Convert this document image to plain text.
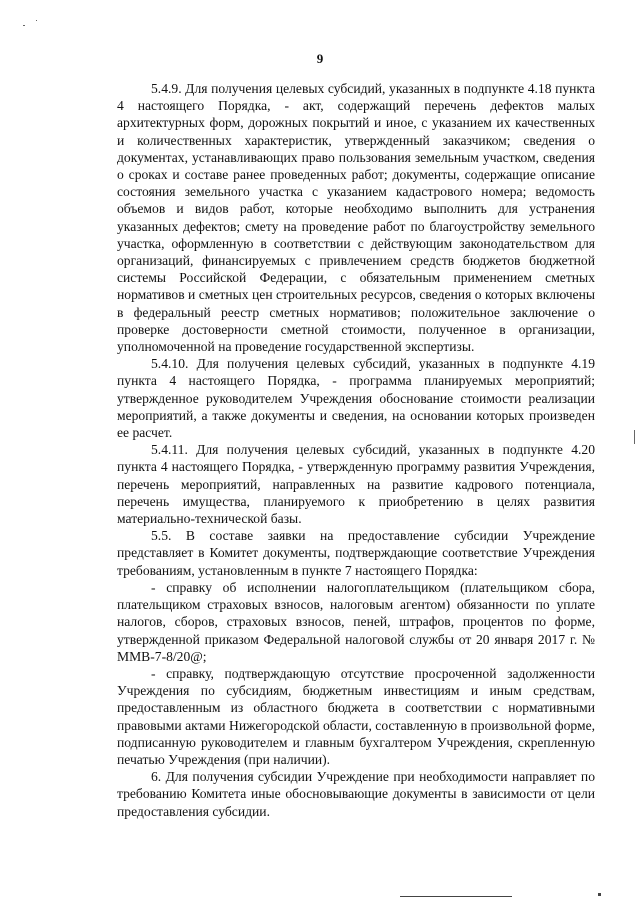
9

5.4.9. Для получения целевых субсидий, указанных в подпункте 4.18 пункта 4 настоящего Порядка, - акт, содержащий перечень дефектов малых архитектурных форм, дорожных покрытий и иное, с указанием их качественных и количественных характеристик, утвержденный заказчиком; сведения о документах, устанавливающих право пользования земельным участком, сведения о сроках и составе ранее проведенных работ; документы, содержащие описание состояния земельного участка с указанием кадастрового номера; ведомость объемов и видов работ, которые необходимо выполнить для устранения указанных дефектов; смету на проведение работ по благоустройству земельного участка, оформленную в соответствии с действующим законодательством для организаций, финансируемых с привлечением средств бюджетов бюджетной системы Российской Федерации, с обязательным применением сметных нормативов и сметных цен строительных ресурсов, сведения о которых включены в федеральный реестр сметных нормативов; положительное заключение о проверке достоверности сметной стоимости, полученное в организации, уполномоченной на проведение государственной экспертизы.

5.4.10. Для получения целевых субсидий, указанных в подпункте 4.19 пункта 4 настоящего Порядка, - программа планируемых мероприятий; утвержденное руководителем Учреждения обоснование стоимости реализации мероприятий, а также документы и сведения, на основании которых произведен ее расчет.

5.4.11. Для получения целевых субсидий, указанных в подпункте 4.20 пункта 4 настоящего Порядка, - утвержденную программу развития Учреждения, перечень мероприятий, направленных на развитие кадрового потенциала, перечень имущества, планируемого к приобретению в целях развития материально-технической базы.

5.5. В составе заявки на предоставление субсидии Учреждение представляет в Комитет документы, подтверждающие соответствие Учреждения требованиям, установленным в пункте 7 настоящего Порядка:

- справку об исполнении налогоплательщиком (плательщиком сбора, плательщиком страховых взносов, налоговым агентом) обязанности по уплате налогов, сборов, страховых взносов, пеней, штрафов, процентов по форме, утвержденной приказом Федеральной налоговой службы от 20 января 2017 г. № ММВ-7-8/20@;

- справку, подтверждающую отсутствие просроченной задолженности Учреждения по субсидиям, бюджетным инвестициям и иным средствам, предоставленным из областного бюджета в соответствии с нормативными правовыми актами Нижегородской области, составленную в произвольной форме, подписанную руководителем и главным бухгалтером Учреждения, скрепленную печатью Учреждения (при наличии).

6. Для получения субсидии Учреждение при необходимости направляет по требованию Комитета иные обосновывающие документы в зависимости от цели предоставления субсидии.
